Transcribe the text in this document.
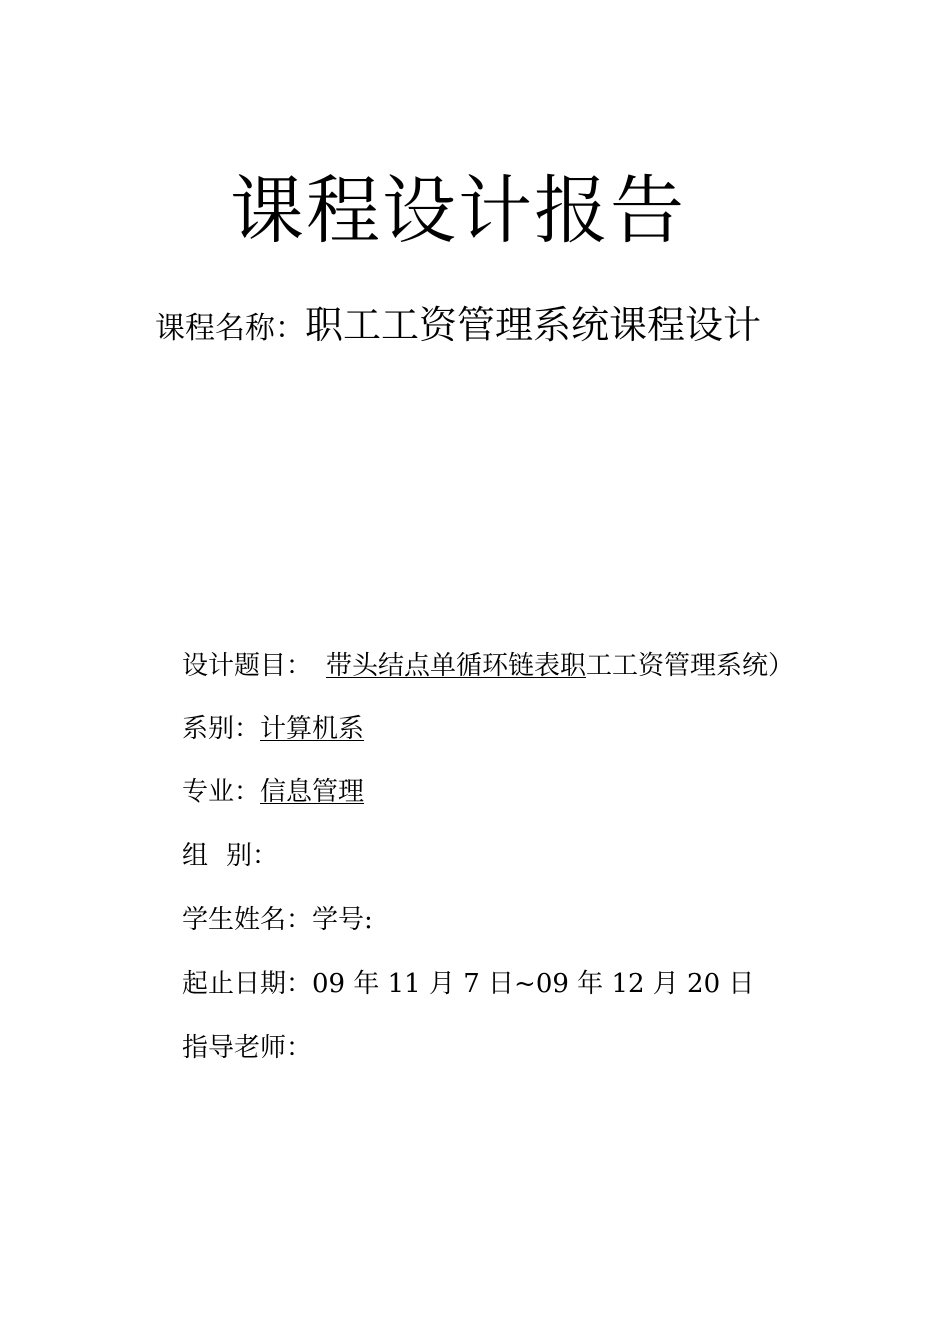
课程设计报告
课程名称：职工工资管理系统课程设计
设计题目： 带头结点单循环链表职工工资管理系统）
系别：计算机系
专业：信息管理
组 别：
学生姓名：学号:
起止日期：09 年 11 月 7 日~09 年 12 月 20 日
指导老师：
